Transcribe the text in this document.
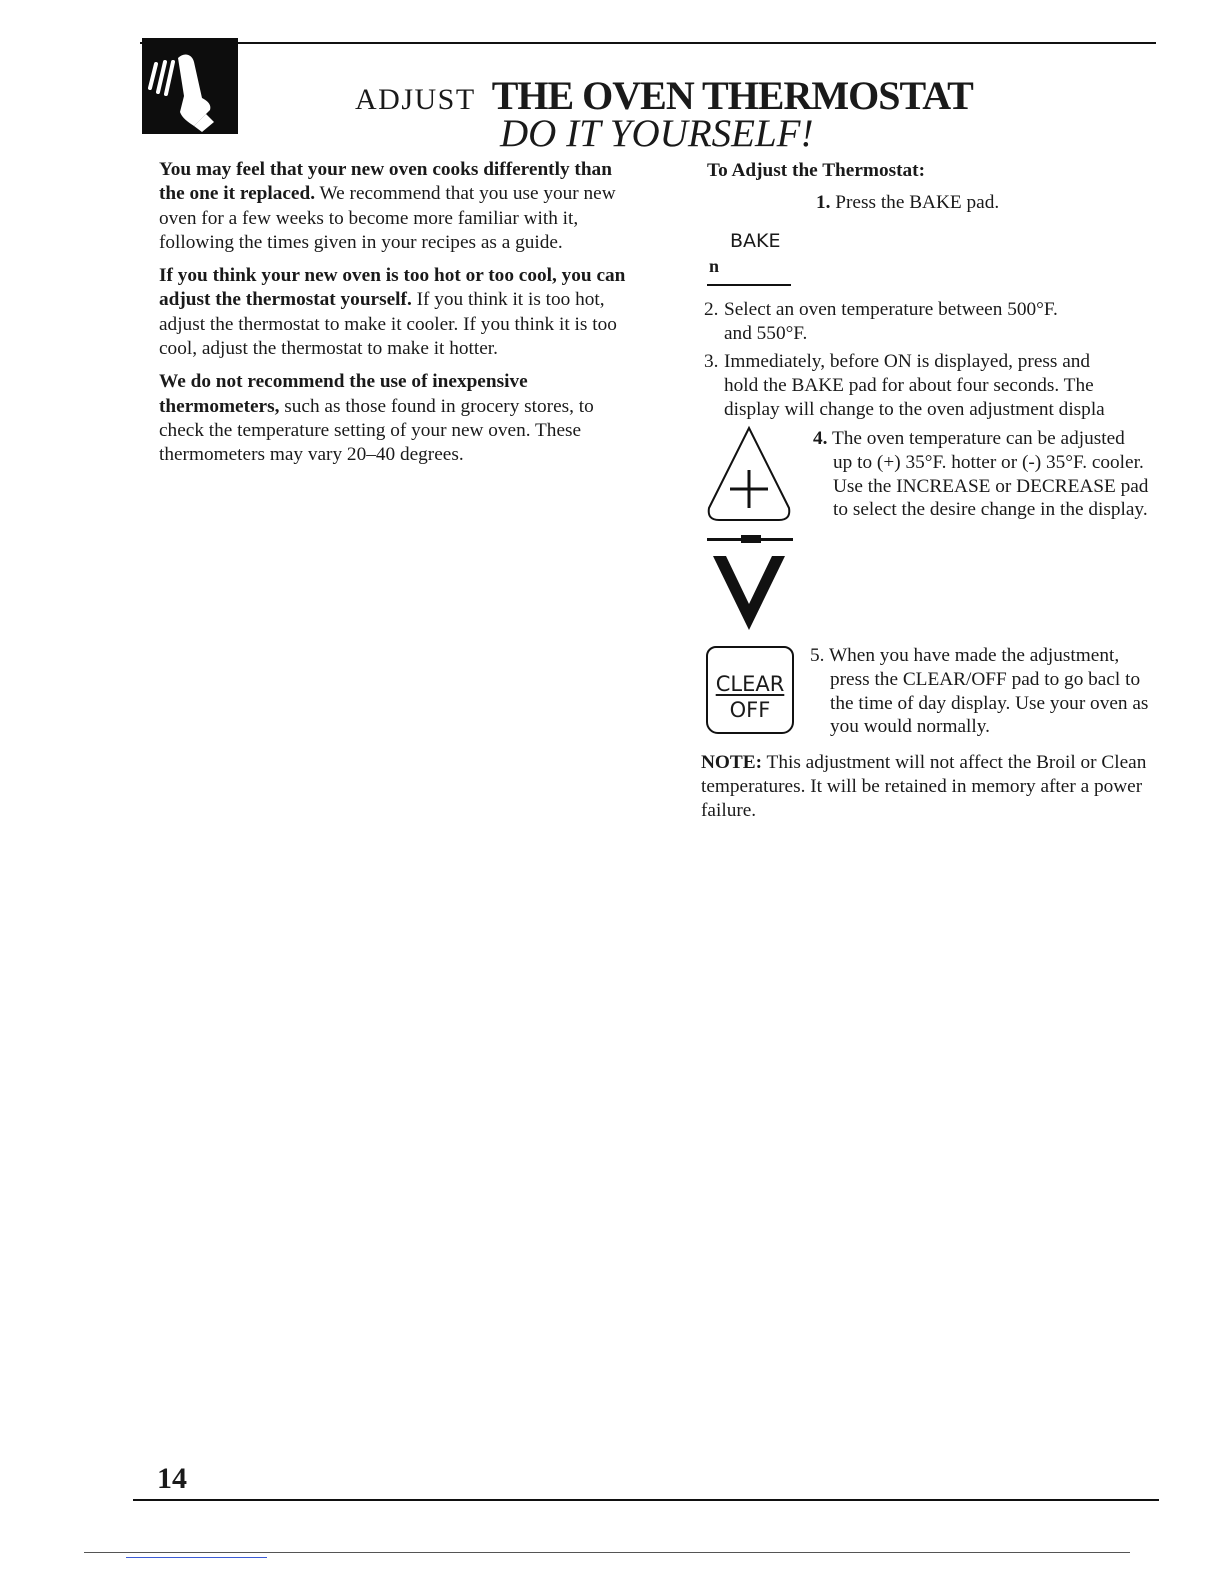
ADJUST THE OVEN THERMOSTAT
DO IT YOURSELF!

You may feel that your new oven cooks differently than the one it replaced. We recommend that you use your new oven for a few weeks to become more familiar with it, following the times given in your recipes as a guide.

If you think your new oven is too hot or too cool, you can adjust the thermostat yourself. If you think it is too hot, adjust the thermostat to make it cooler. If you think it is too cool, adjust the thermostat to make it hotter.

We do not recommend the use of inexpensive thermometers, such as those found in grocery stores, to check the temperature setting of your new oven. These thermometers may vary 20–40 degrees.

To Adjust the Thermostat:
1. Press the BAKE pad.
BAKE
n
2. Select an oven temperature between 500°F.
and 550°F.
3. Immediately, before ON is displayed, press and
hold the BAKE pad for about four seconds. The display will change to the oven adjustment displa
4. The oven temperature can be adjusted
up to (+) 35°F. hotter or (-) 35°F. cooler. Use the INCREASE or DECREASE pad to select the desire change in the display.
CLEAR
OFF
5. When you have made the adjustment,
press the CLEAR/OFF pad to go bacl to the time of day display. Use your oven as you would normally.
NOTE: This adjustment will not affect the Broil or Clean temperatures. It will be retained in memory after a power failure.
14
